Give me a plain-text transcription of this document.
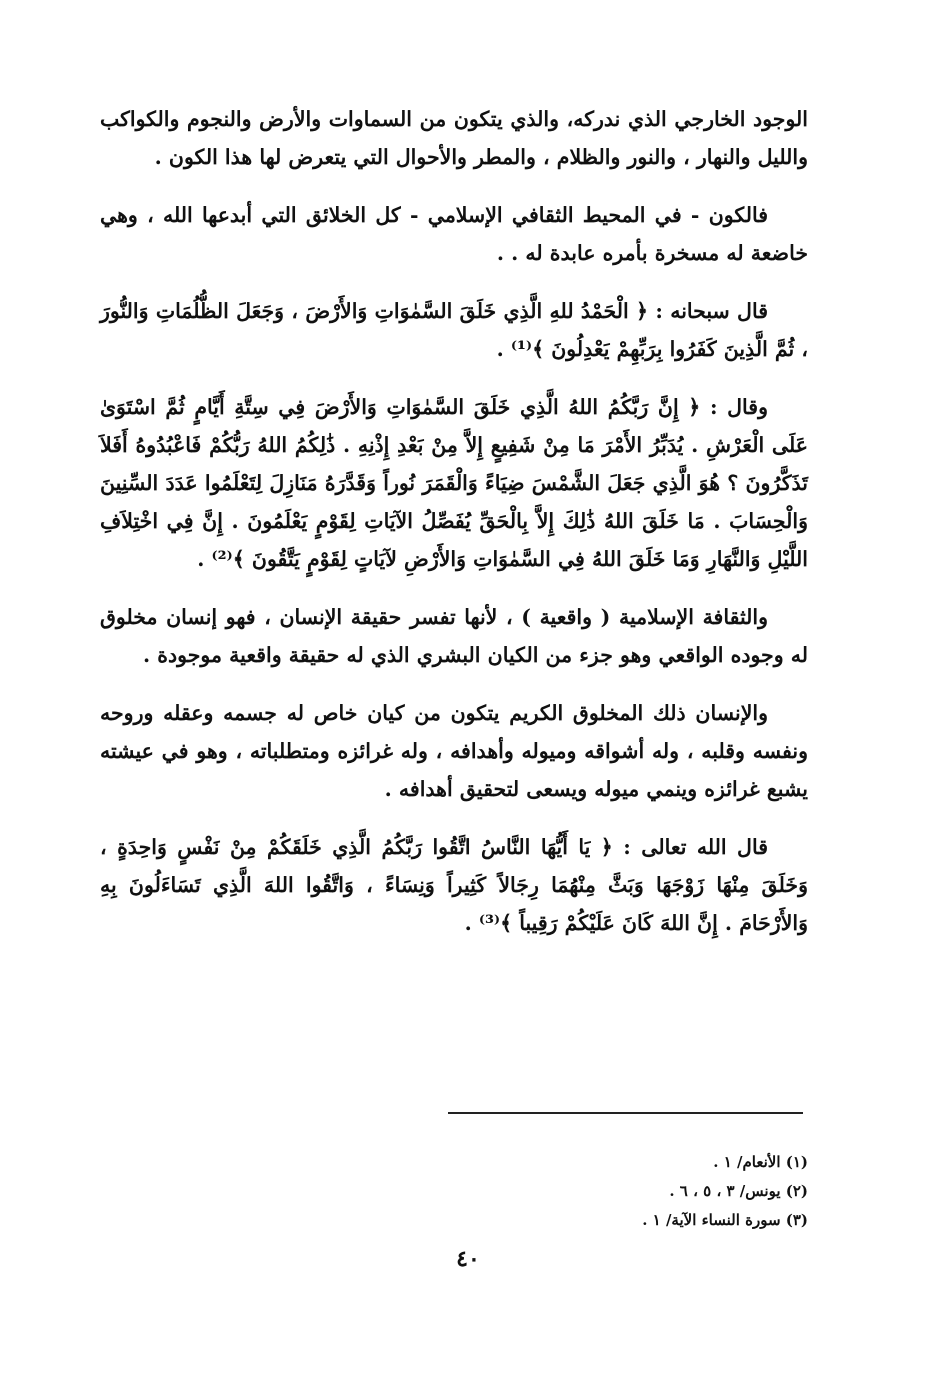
الوجود الخارجي الذي ندركه، والذي يتكون من السماوات والأرض والنجوم والكواكب والليل والنهار ، والنور والظلام ، والمطر والأحوال التي يتعرض لها هذا الكون .

فالكون - في المحيط الثقافي الإسلامي - كل الخلائق التي أبدعها الله ، وهي خاضعة له مسخرة بأمره عابدة له . .

قال سبحانه : ﴿ الْحَمْدُ للهِ الَّذِي خَلَقَ السَّمٰوَاتِ وَالأَرْضَ ، وَجَعَلَ الظُّلُمَاتِ وَالنُّورَ ، ثُمَّ الَّذِينَ كَفَرُوا بِرَبِّهِمْ يَعْدِلُونَ ﴾⁽¹⁾ .

وقال : ﴿ إِنَّ رَبَّكُمُ اللهُ الَّذِي خَلَقَ السَّمٰوَاتِ وَالأَرْضَ فِي سِتَّةِ أَيَّامٍ ثُمَّ اسْتَوَىٰ عَلَى الْعَرْشِ . يُدَبِّرُ الأَمْرَ مَا مِنْ شَفِيعٍ إِلاَّ مِنْ بَعْدِ إِذْنِهِ . ذَٰلِكُمُ اللهُ رَبُّكُمْ فَاعْبُدُوهُ أَفَلاَ تَذَكَّرُونَ ؟ هُوَ الَّذِي جَعَلَ الشَّمْسَ ضِيَاءً وَالْقَمَرَ نُوراً وَقَدَّرَهُ مَنَازِلَ لِتَعْلَمُوا عَدَدَ السِّنِينَ وَالْحِسَابَ . مَا خَلَقَ اللهُ ذَٰلِكَ إِلاَّ بِالْحَقِّ يُفَصِّلُ الآيَاتِ لِقَوْمٍ يَعْلَمُونَ . إِنَّ فِي اخْتِلاَفِ اللَّيْلِ وَالنَّهَارِ وَمَا خَلَقَ اللهُ فِي السَّمٰوَاتِ وَالأَرْضِ لآيَاتٍ لِقَوْمٍ يَتَّقُونَ ﴾⁽²⁾ .

والثقافة الإسلامية ( واقعية ) ، لأنها تفسر حقيقة الإنسان ، فهو إنسان مخلوق له وجوده الواقعي وهو جزء من الكيان البشري الذي له حقيقة واقعية موجودة .

والإنسان ذلك المخلوق الكريم يتكون من كيان خاص له جسمه وعقله وروحه ونفسه وقلبه ، وله أشواقه وميوله وأهدافه ، وله غرائزه ومتطلباته ، وهو في عيشته يشبع غرائزه وينمي ميوله ويسعى لتحقيق أهدافه .

قال الله تعالى : ﴿ يَا أَيُّهَا النَّاسُ اتَّقُوا رَبَّكُمُ الَّذِي خَلَقَكُمْ مِنْ نَفْسٍ وَاحِدَةٍ ، وَخَلَقَ مِنْهَا زَوْجَهَا وَبَثَّ مِنْهُمَا رِجَالاً كَثِيراً وَنِسَاءً ، وَاتَّقُوا اللهَ الَّذِي تَسَاءَلُونَ بِهِ وَالأَرْحَامَ . إِنَّ اللهَ كَانَ عَلَيْكُمْ رَقِيباً ﴾⁽³⁾ .

(١) الأنعام/ ١ .
(٢) يونس/ ٣ ، ٥ ، ٦ .
(٣) سورة النساء الآية/ ١ .
٤٠
